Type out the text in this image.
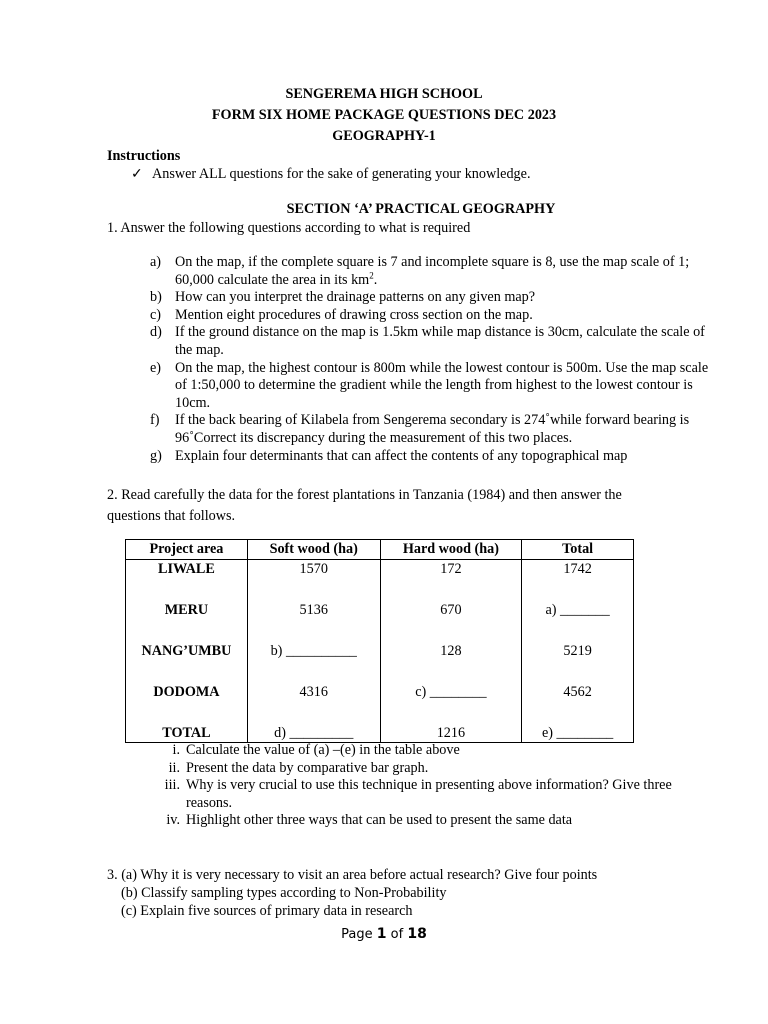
SENGEREMA HIGH SCHOOL
FORM SIX HOME PACKAGE QUESTIONS DEC 2023
GEOGRAPHY-1
Instructions
✓ Answer ALL questions for the sake of generating your knowledge.
SECTION ‘A’ PRACTICAL GEOGRAPHY
1. Answer the following questions according to what is required
a) On the map, if the complete square is 7 and incomplete square is 8, use the map scale of 1; 60,000 calculate the area in its $km^2$.
b) How can you interpret the drainage patterns on any given map?
c) Mention eight procedures of drawing cross section on the map.
d) If the ground distance on the map is 1.5km while map distance is 30cm, calculate the scale of the map.
e) On the map, the highest contour is 800m while the lowest contour is 500m. Use the map scale of 1:50,000 to determine the gradient while the length from highest to the lowest contour is 10cm.
f) If the back bearing of Kilabela from Sengerema secondary is 274˚while forward bearing is 96˚Correct its discrepancy during the measurement of this two places.
g) Explain four determinants that can affect the contents of any topographical map
2. Read carefully the data for the forest plantations in Tanzania (1984) and then answer the
questions that follows.
Project area	Soft wood (ha)	Hard wood (ha)	Total
LIWALE	1570	172	1742
MERU	5136	670	a) _______
NANG’UMBU	b) __________	128	5219
DODOMA	4316	c) ________	4562
TOTAL	d) _________	1216	e) ________
i. Calculate the value of (a) –(e) in the table above
ii. Present the data by comparative bar graph.
iii. Why is very crucial to use this technique in presenting above information? Give three reasons.
iv. Highlight other three ways that can be used to present the same data
3. (a) Why it is very necessary to visit an area before actual research? Give four points
(b) Classify sampling types according to Non-Probability
(c) Explain five sources of primary data in research
Page 1 of 18
